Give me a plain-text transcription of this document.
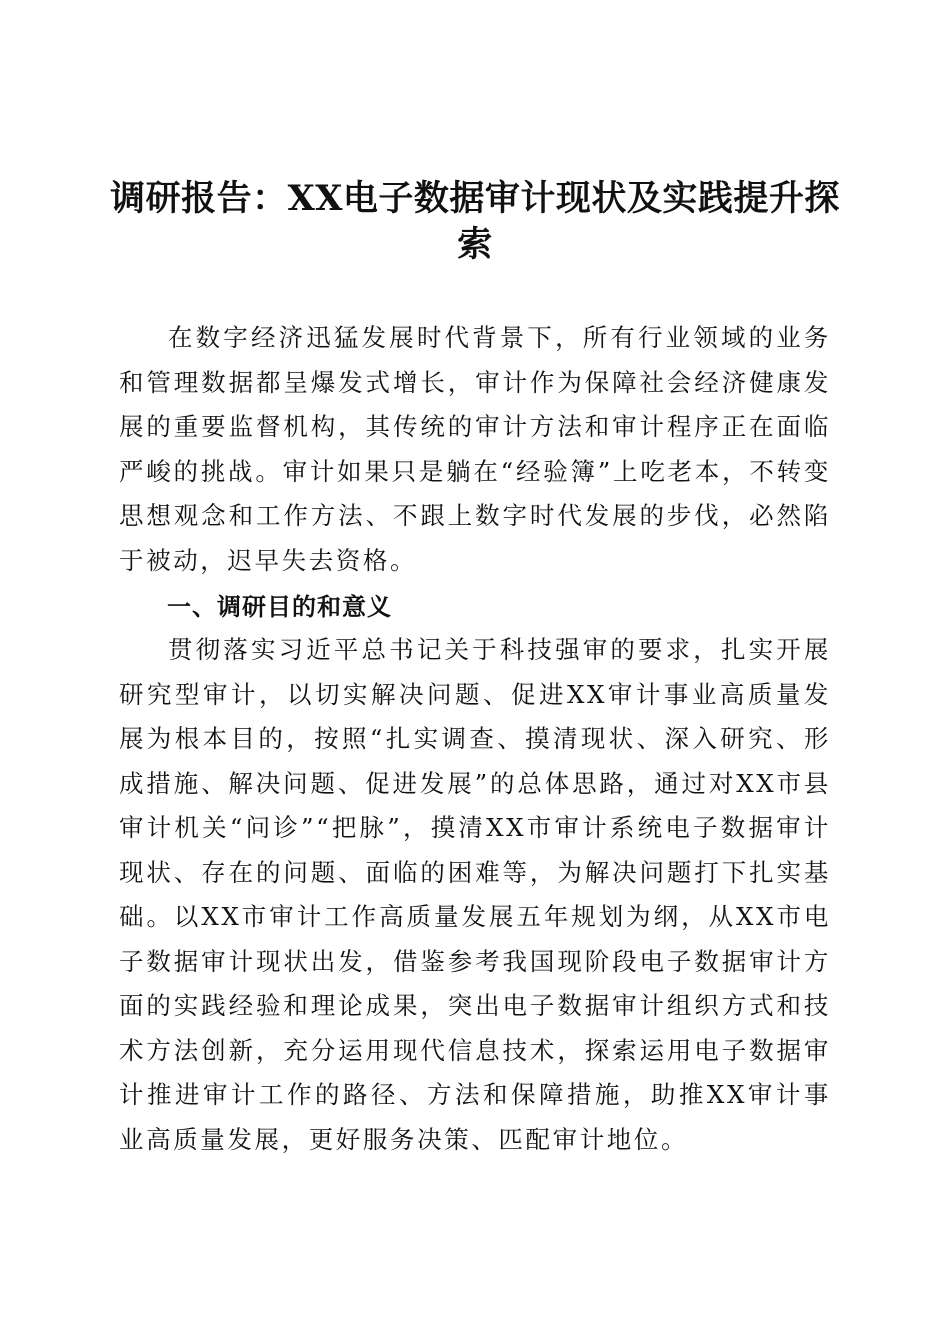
调研报告：XX电子数据审计现状及实践提升探索

在数字经济迅猛发展时代背景下，所有行业领域的业务和管理数据都呈爆发式增长，审计作为保障社会经济健康发展的重要监督机构，其传统的审计方法和审计程序正在面临严峻的挑战。审计如果只是躺在“经验簿”上吃老本，不转变思想观念和工作方法、不跟上数字时代发展的步伐，必然陷于被动，迟早失去资格。

一、调研目的和意义

贯彻落实习近平总书记关于科技强审的要求，扎实开展研究型审计，以切实解决问题、促进XX审计事业高质量发展为根本目的，按照“扎实调查、摸清现状、深入研究、形成措施、解决问题、促进发展”的总体思路，通过对XX市县审计机关“问诊”“把脉”，摸清XX市审计系统电子数据审计现状、存在的问题、面临的困难等，为解决问题打下扎实基础。以XX市审计工作高质量发展五年规划为纲，从XX市电子数据审计现状出发，借鉴参考我国现阶段电子数据审计方面的实践经验和理论成果，突出电子数据审计组织方式和技术方法创新，充分运用现代信息技术，探索运用电子数据审计推进审计工作的路径、方法和保障措施，助推XX审计事业高质量发展，更好服务决策、匹配审计地位。
